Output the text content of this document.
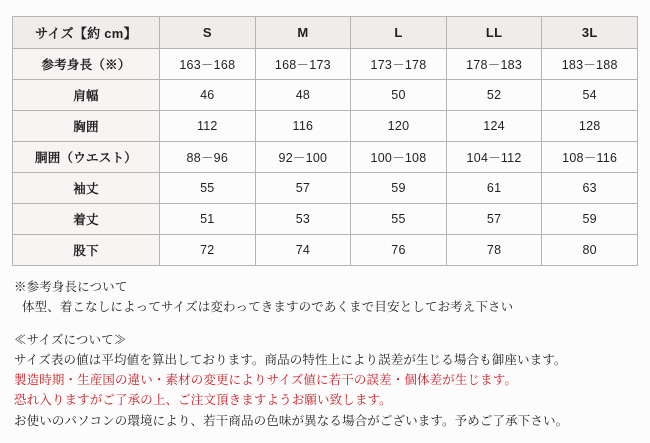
サイズ【約 cm】	S	M	L	LL	3L
参考身長（※）	163－168	168－173	173－178	178－183	183－188
肩幅	46	48	50	52	54
胸囲	112	116	120	124	128
胴囲（ウエスト）	88－96	92－100	100－108	104－112	108－116
袖丈	55	57	59	61	63
着丈	51	53	55	57	59
股下	72	74	76	78	80
※参考身長について
体型、着こなしによってサイズは変わってきますのであくまで目安としてお考え下さい
≪サイズについて≫
サイズ表の値は平均値を算出しております。商品の特性上により誤差が生じる場合も御座います。
製造時期・生産国の違い・素材の変更によりサイズ値に若干の誤差・個体差が生じます。
恐れ入りますがご了承の上、ご注文頂きますようお願い致します。
お使いのパソコンの環境により、若干商品の色味が異なる場合がございます。予めご了承下さい。
